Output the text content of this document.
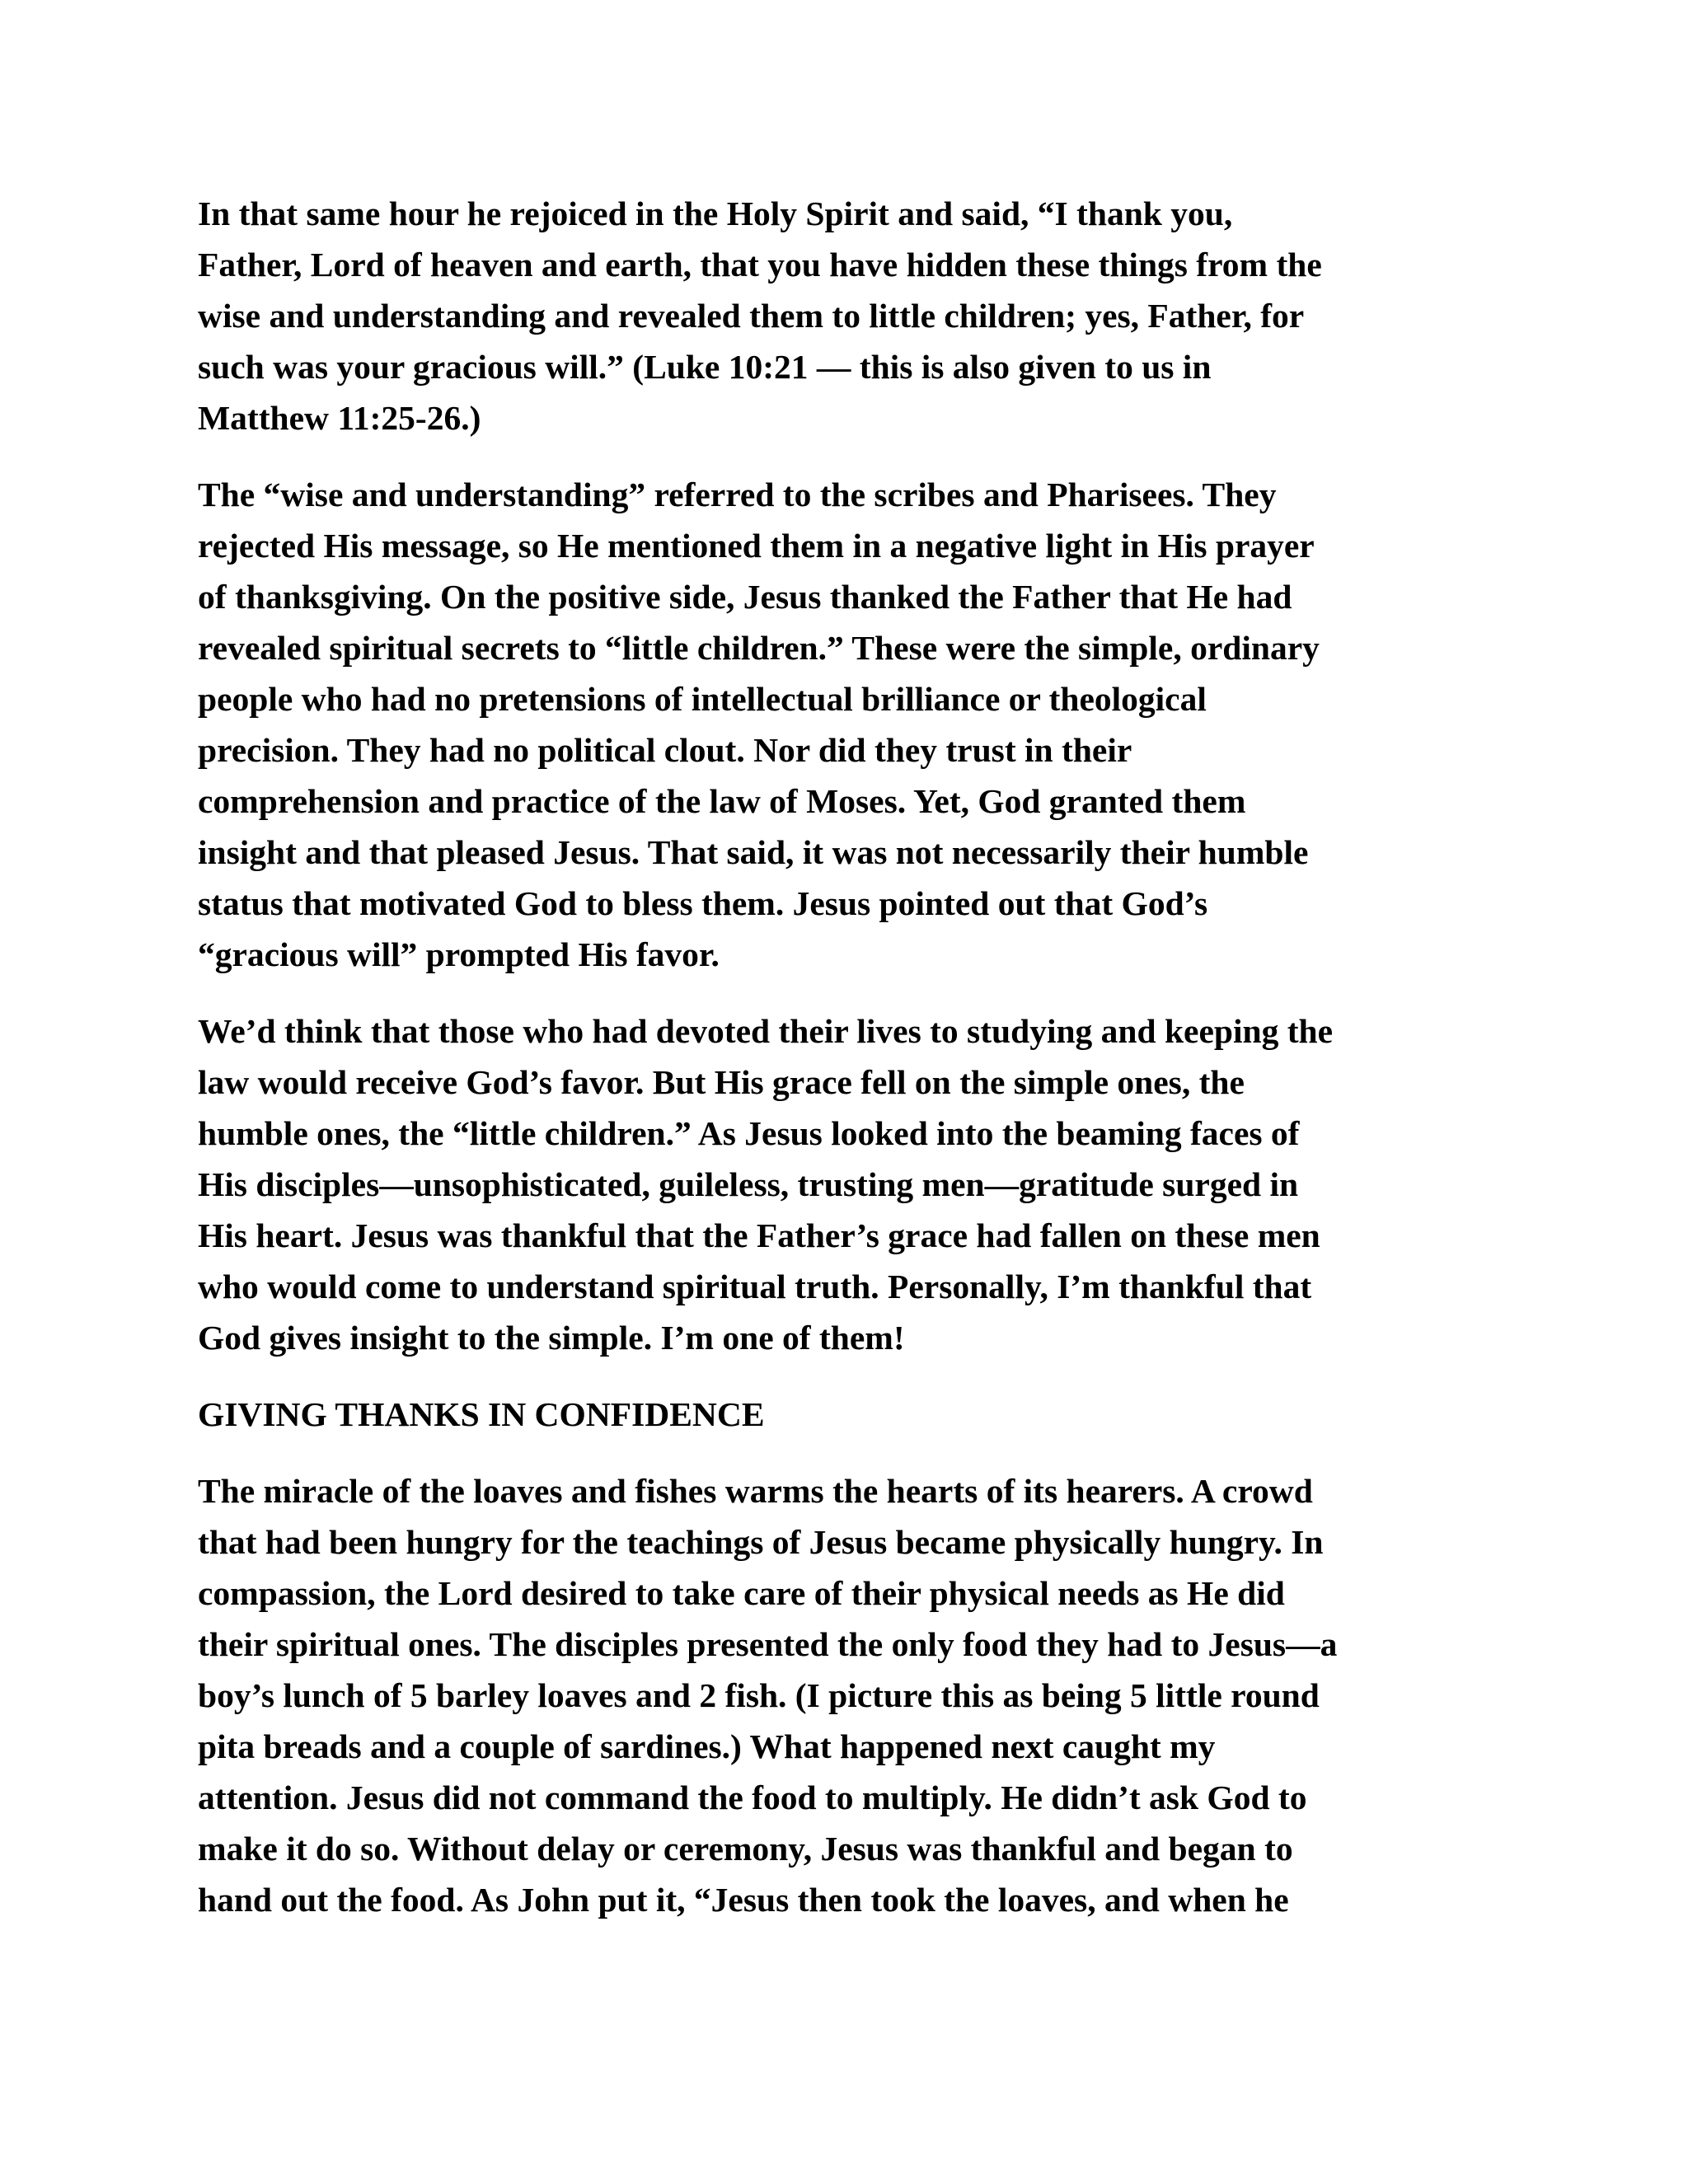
In that same hour he rejoiced in the Holy Spirit and said, “I thank you,
Father, Lord of heaven and earth, that you have hidden these things from the
wise and understanding and revealed them to little children; yes, Father, for
such was your gracious will.” (Luke 10:21 — this is also given to us in
Matthew 11:25-26.)

The “wise and understanding” referred to the scribes and Pharisees. They
rejected His message, so He mentioned them in a negative light in His prayer
of thanksgiving. On the positive side, Jesus thanked the Father that He had
revealed spiritual secrets to “little children.” These were the simple, ordinary
people who had no pretensions of intellectual brilliance or theological
precision. They had no political clout. Nor did they trust in their
comprehension and practice of the law of Moses. Yet, God granted them
insight and that pleased Jesus. That said, it was not necessarily their humble
status that motivated God to bless them. Jesus pointed out that God’s
“gracious will” prompted His favor.

We’d think that those who had devoted their lives to studying and keeping the
law would receive God’s favor. But His grace fell on the simple ones, the
humble ones, the “little children.” As Jesus looked into the beaming faces of
His disciples—unsophisticated, guileless, trusting men—gratitude surged in
His heart. Jesus was thankful that the Father’s grace had fallen on these men
who would come to understand spiritual truth. Personally, I’m thankful that
God gives insight to the simple. I’m one of them!

GIVING THANKS IN CONFIDENCE

The miracle of the loaves and fishes warms the hearts of its hearers. A crowd
that had been hungry for the teachings of Jesus became physically hungry. In
compassion, the Lord desired to take care of their physical needs as He did
their spiritual ones. The disciples presented the only food they had to Jesus—a
boy’s lunch of 5 barley loaves and 2 fish. (I picture this as being 5 little round
pita breads and a couple of sardines.) What happened next caught my
attention. Jesus did not command the food to multiply. He didn’t ask God to
make it do so. Without delay or ceremony, Jesus was thankful and began to
hand out the food. As John put it, “Jesus then took the loaves, and when he
